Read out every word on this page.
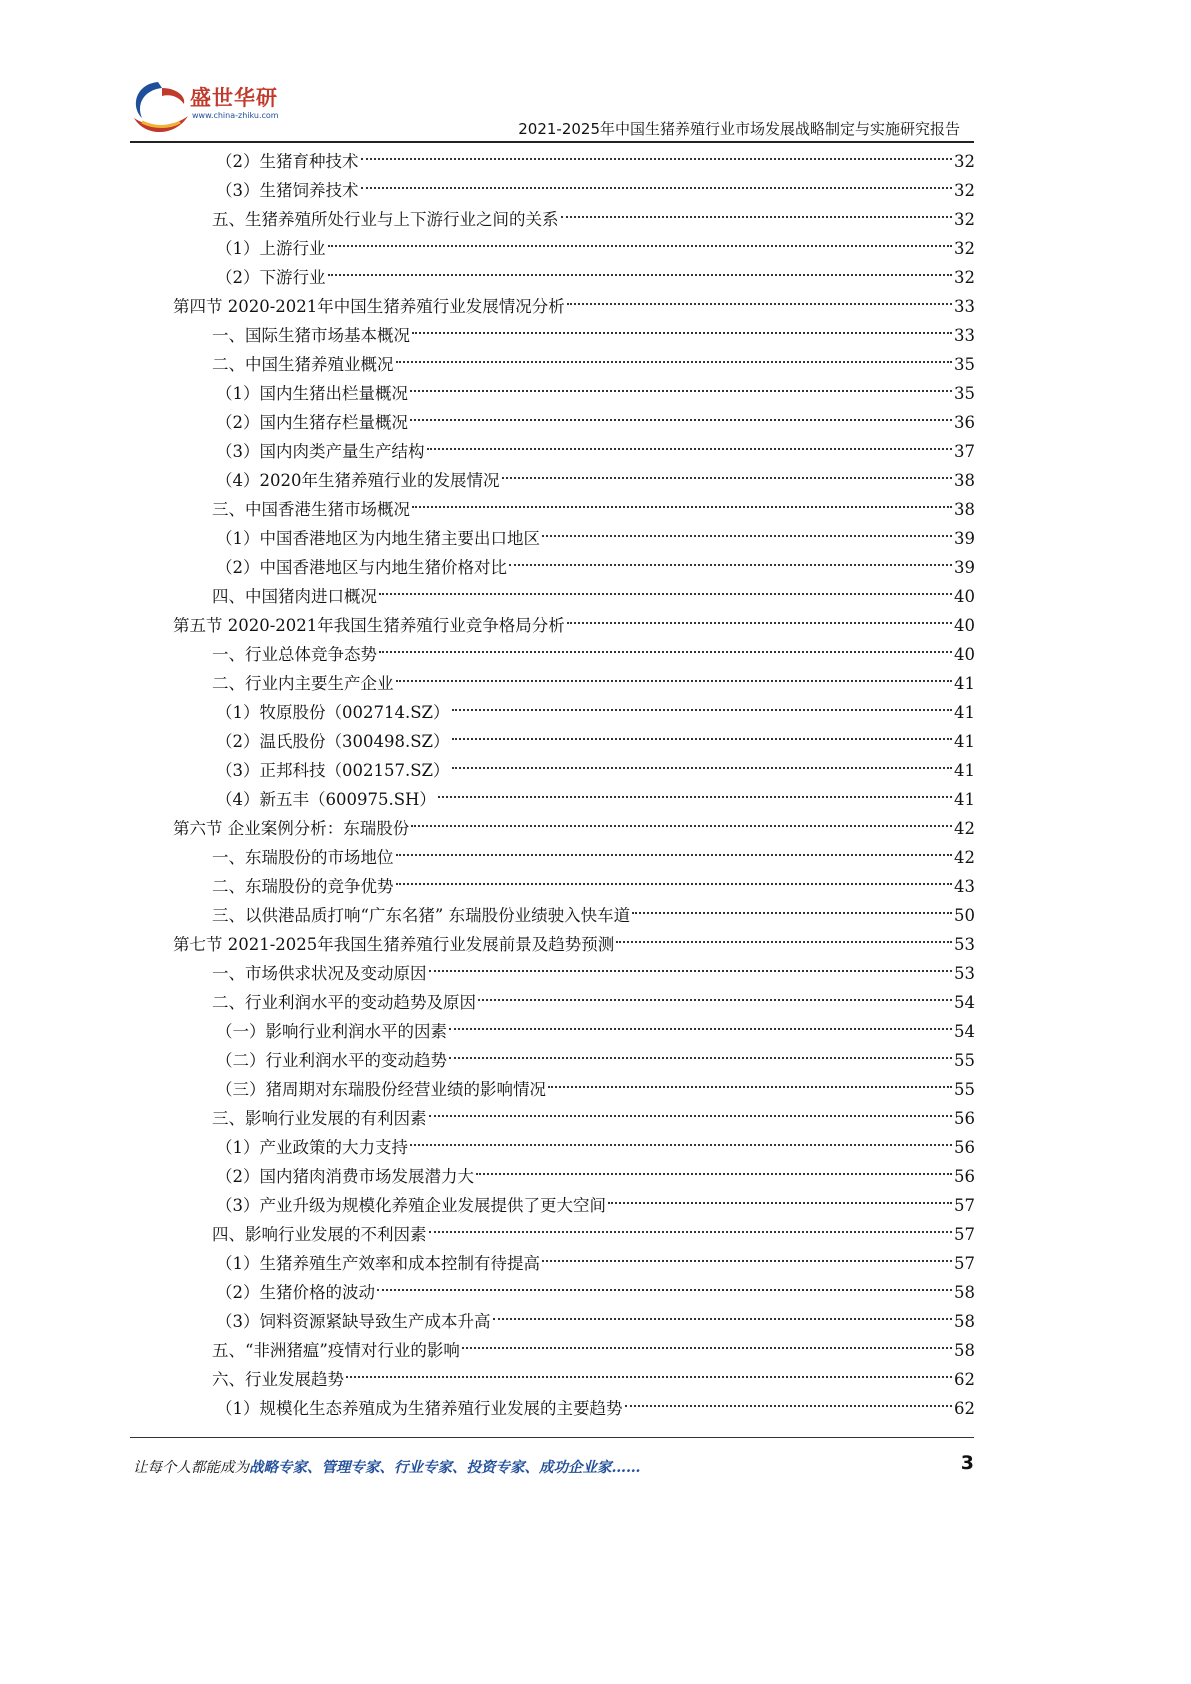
盛世华研
www.china-zhiku.com
2021-2025年中国生猪养殖行业市场发展战略制定与实施研究报告
（2）生猪育种技术	32
（3）生猪饲养技术	32
五、生猪养殖所处行业与上下游行业之间的关系	32
（1）上游行业	32
（2）下游行业	32
第四节 2020-2021年中国生猪养殖行业发展情况分析	33
一、国际生猪市场基本概况	33
二、中国生猪养殖业概况	35
（1）国内生猪出栏量概况	35
（2）国内生猪存栏量概况	36
（3）国内肉类产量生产结构	37
（4）2020年生猪养殖行业的发展情况	38
三、中国香港生猪市场概况	38
（1）中国香港地区为内地生猪主要出口地区	39
（2）中国香港地区与内地生猪价格对比	39
四、中国猪肉进口概况	40
第五节 2020-2021年我国生猪养殖行业竞争格局分析	40
一、行业总体竞争态势	40
二、行业内主要生产企业	41
（1）牧原股份（002714.SZ）	41
（2）温氏股份（300498.SZ）	41
（3）正邦科技（002157.SZ）	41
（4）新五丰（600975.SH）	41
第六节 企业案例分析：东瑞股份	42
一、东瑞股份的市场地位	42
二、东瑞股份的竞争优势	43
三、以供港品质打响“广东名猪” 东瑞股份业绩驶入快车道	50
第七节 2021-2025年我国生猪养殖行业发展前景及趋势预测	53
一、市场供求状况及变动原因	53
二、行业利润水平的变动趋势及原因	54
（一）影响行业利润水平的因素	54
（二）行业利润水平的变动趋势	55
（三）猪周期对东瑞股份经营业绩的影响情况	55
三、影响行业发展的有利因素	56
（1）产业政策的大力支持	56
（2）国内猪肉消费市场发展潜力大	56
（3）产业升级为规模化养殖企业发展提供了更大空间	57
四、影响行业发展的不利因素	57
（1）生猪养殖生产效率和成本控制有待提高	57
（2）生猪价格的波动	58
（3）饲料资源紧缺导致生产成本升高	58
五、“非洲猪瘟”疫情对行业的影响	58
六、行业发展趋势	62
（1）规模化生态养殖成为生猪养殖行业发展的主要趋势	62
让每个人都能成为战略专家、管理专家、行业专家、投资专家、成功企业家……	3
